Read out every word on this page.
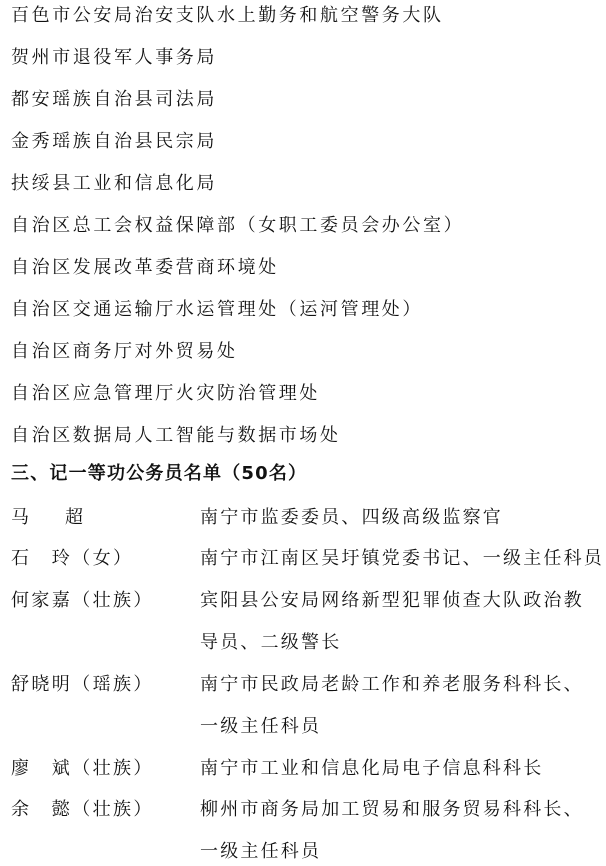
百色市公安局治安支队水上勤务和航空警务大队
贺州市退役军人事务局
都安瑶族自治县司法局
金秀瑶族自治县民宗局
扶绥县工业和信息化局
自治区总工会权益保障部（女职工委员会办公室）
自治区发展改革委营商环境处
自治区交通运输厅水运管理处（运河管理处）
自治区商务厅对外贸易处
自治区应急管理厅火灾防治管理处
自治区数据局人工智能与数据市场处
三、记一等功公务员名单（50名）
马 超	南宁市监委委员、四级高级监察官
石　玲（女）	南宁市江南区吴圩镇党委书记、一级主任科员
何家嘉（壮族）	宾阳县公安局网络新型犯罪侦查大队政治教
导员、二级警长
舒晓明（瑶族）	南宁市民政局老龄工作和养老服务科科长、
一级主任科员
廖　斌（壮族）	南宁市工业和信息化局电子信息科科长
余　懿（壮族）	柳州市商务局加工贸易和服务贸易科科长、
一级主任科员
